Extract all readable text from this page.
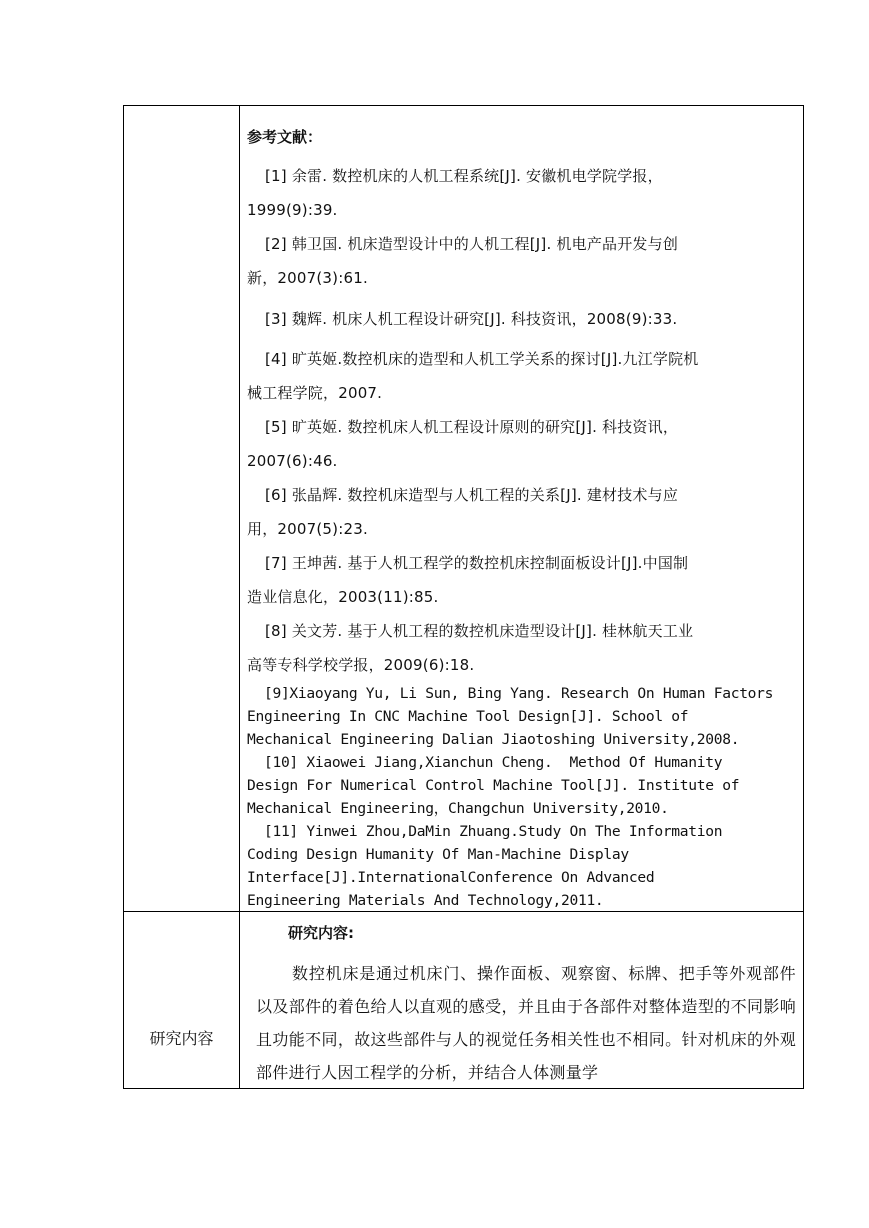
参考文献：
[1] 余雷. 数控机床的人机工程系统[J]. 安徽机电学院学报，
1999(9):39.
[2] 韩卫国. 机床造型设计中的人机工程[J]. 机电产品开发与创
新，2007(3):61.
[3] 魏辉. 机床人机工程设计研究[J]. 科技资讯，2008(9):33.
[4] 旷英姬.数控机床的造型和人机工学关系的探讨[J].九江学院机
械工程学院，2007.
[5] 旷英姬. 数控机床人机工程设计原则的研究[J]. 科技资讯，
2007(6):46.
[6] 张晶辉. 数控机床造型与人机工程的关系[J]. 建材技术与应
用，2007(5):23.
[7] 王坤茜. 基于人机工程学的数控机床控制面板设计[J].中国制
造业信息化，2003(11):85.
[8] 关文芳. 基于人机工程的数控机床造型设计[J]. 桂林航天工业
高等专科学校学报，2009(6):18.
[9]Xiaoyang Yu, Li Sun, Bing Yang. Research On Human Factors
Engineering In CNC Machine Tool Design[J]. School of
Mechanical Engineering Dalian Jiaotoshing University,2008.
[10] Xiaowei Jiang,Xianchun Cheng.  Method Of Humanity
Design For Numerical Control Machine Tool[J]. Institute of
Mechanical Engineering，Changchun University,2010.
[11] Yinwei Zhou,DaMin Zhuang.Study On The Information
Coding Design Humanity Of Man-Machine Display
Interface[J].InternationalConference On Advanced
Engineering Materials And Technology,2011.
研究内容
研究内容:
数控机床是通过机床门、操作面板、观察窗、标牌、把手等外观部件以及部件的着色给人以直观的感受，并且由于各部件对整体造型的不同影响且功能不同，故这些部件与人的视觉任务相关性也不相同。针对机床的外观部件进行人因工程学的分析，并结合人体测量学
